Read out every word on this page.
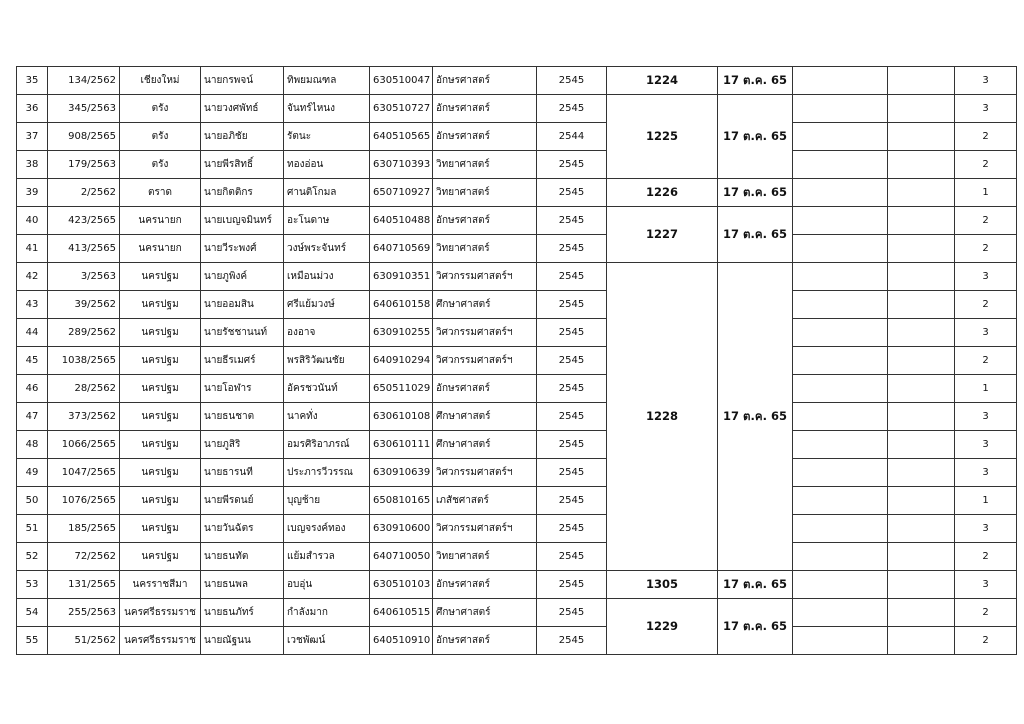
35	134/2562	เชียงใหม่	นายกรพจน์	ทิพยมณฑล	630510047	อักษรศาสตร์	2545	1224	17 ต.ค. 65			3
36	345/2563	ตรัง	นายวงศพัทธ์	จันทร์ไหนง	630510727	อักษรศาสตร์	2545	1225	17 ต.ค. 65			3
37	908/2565	ตรัง	นายอภิชัย	รัตนะ	640510565	อักษรศาสตร์	2544					2
38	179/2563	ตรัง	นายพีรสิทธิ์	ทองอ่อน	630710393	วิทยาศาสตร์	2545					2
39	2/2562	ตราด	นายกิตติกร	ศานติโกมล	650710927	วิทยาศาสตร์	2545	1226	17 ต.ค. 65			1
40	423/2565	นครนายก	นายเบญจมินทร์	อะโนดาษ	640510488	อักษรศาสตร์	2545	1227	17 ต.ค. 65			2
41	413/2565	นครนายก	นายวีระพงศ์	วงษ์พระจันทร์	640710569	วิทยาศาสตร์	2545					2
42	3/2563	นครปฐม	นายภูพิงค์	เหมือนม่วง	630910351	วิศวกรรมศาสตร์ฯ	2545	1228	17 ต.ค. 65			3
43	39/2562	นครปฐม	นายออมสิน	ศรีแย้มวงษ์	640610158	ศึกษาศาสตร์	2545					2
44	289/2562	นครปฐม	นายรัชชานนท์	องอาจ	630910255	วิศวกรรมศาสตร์ฯ	2545					3
45	1038/2565	นครปฐม	นายธีรเมศร์	พรสิริวัฒนชัย	640910294	วิศวกรรมศาสตร์ฯ	2545					2
46	28/2562	นครปฐม	นายโอฬาร	อัครชวนันท์	650511029	อักษรศาสตร์	2545					1
47	373/2562	นครปฐม	นายธนชาต	นาคทั่ง	630610108	ศึกษาศาสตร์	2545					3
48	1066/2565	นครปฐม	นายภูสิริ	อมรศิริอาภรณ์	630610111	ศึกษาศาสตร์	2545					3
49	1047/2565	นครปฐม	นายธารนที	ประภารวีวรรณ	630910639	วิศวกรรมศาสตร์ฯ	2545					3
50	1076/2565	นครปฐม	นายพีรดนย์	บุญช้าย	650810165	เภสัชศาสตร์	2545					1
51	185/2565	นครปฐม	นายวันฉัตร	เบญจรงค์ทอง	630910600	วิศวกรรมศาสตร์ฯ	2545					3
52	72/2562	นครปฐม	นายธนทัต	แย้มสำรวล	640710050	วิทยาศาสตร์	2545					2
53	131/2565	นครราชสีมา	นายธนพล	อบอุ่น	630510103	อักษรศาสตร์	2545	1305	17 ต.ค. 65			3
54	255/2563	นครศรีธรรมราช	นายธนภัทร์	กำลังมาก	640610515	ศึกษาศาสตร์	2545	1229	17 ต.ค. 65			2
55	51/2562	นครศรีธรรมราช	นายณัฐนน	เวชพัฒน์	640510910	อักษรศาสตร์	2545					2
